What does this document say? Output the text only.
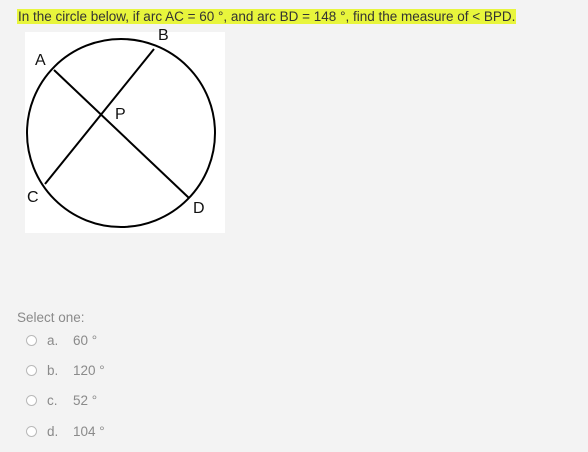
In the circle below, if arc AC = 60 °, and arc BD = 148 °, find the measure of < BPD.
A
B
P
C
D
Select one:
a.	60 °
b.	120 °
c.	52 °
d.	104 °
